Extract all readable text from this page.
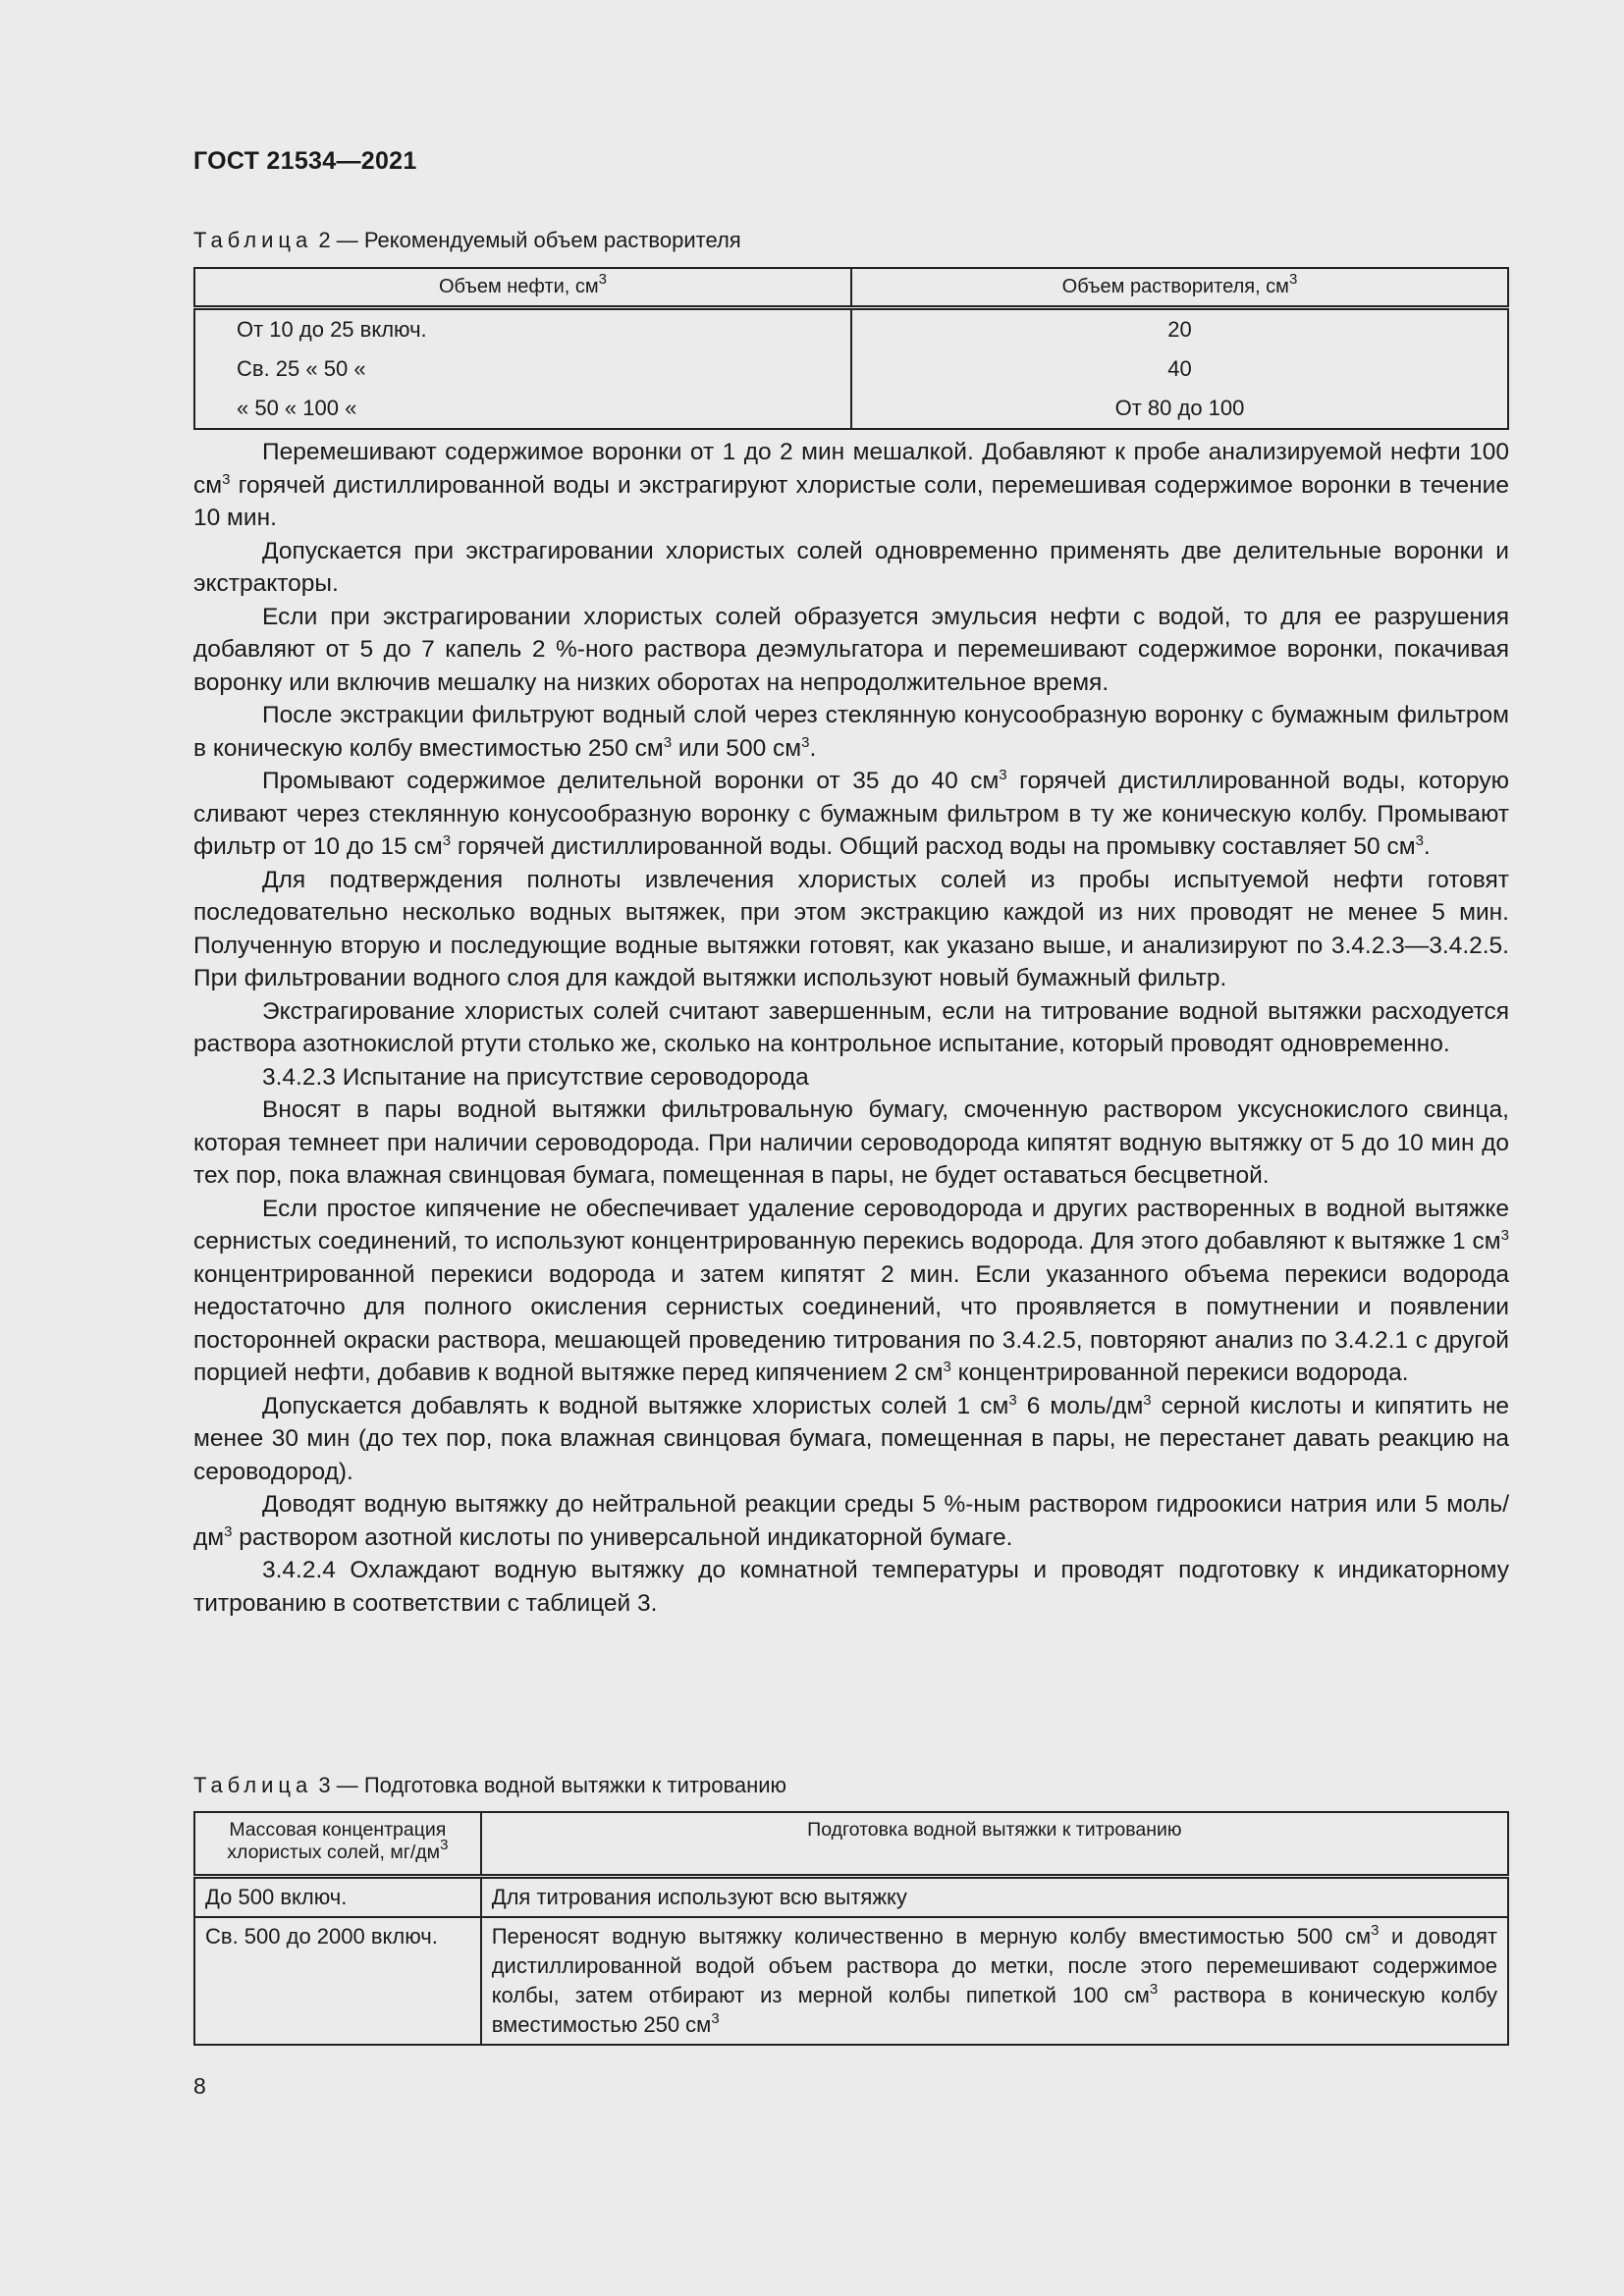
ГОСТ 21534—2021
Таблица 2 — Рекомендуемый объем растворителя
Объем нефти, $см^3$	Объем растворителя, $см^3$
От 10 до 25 включ.	20
Св. 25 « 50 «	40
« 50 « 100 «	От 80 до 100

Перемешивают содержимое воронки от 1 до 2 мин мешалкой. Добавляют к пробе анализируемой нефти 100 $см^3$ горячей дистиллированной воды и экстрагируют хлористые соли, перемешивая содержимое воронки в течение 10 мин.

Допускается при экстрагировании хлористых солей одновременно применять две делительные воронки и экстракторы.

Если при экстрагировании хлористых солей образуется эмульсия нефти с водой, то для ее разрушения добавляют от 5 до 7 капель 2 %-ного раствора деэмульгатора и перемешивают содержимое воронки, покачивая воронку или включив мешалку на низких оборотах на непродолжительное время.

После экстракции фильтруют водный слой через стеклянную конусообразную воронку с бумажным фильтром в коническую колбу вместимостью 250 $см^3$ или 500 $см^3$.

Промывают содержимое делительной воронки от 35 до 40 $см^3$ горячей дистиллированной воды, которую сливают через стеклянную конусообразную воронку с бумажным фильтром в ту же коническую колбу. Промывают фильтр от 10 до 15 $см^3$ горячей дистиллированной воды. Общий расход воды на промывку составляет 50 $см^3$.

Для подтверждения полноты извлечения хлористых солей из пробы испытуемой нефти готовят последовательно несколько водных вытяжек, при этом экстракцию каждой из них проводят не менее 5 мин. Полученную вторую и последующие водные вытяжки готовят, как указано выше, и анализируют по 3.4.2.3—3.4.2.5. При фильтровании водного слоя для каждой вытяжки используют новый бумажный фильтр.

Экстрагирование хлористых солей считают завершенным, если на титрование водной вытяжки расходуется раствора азотнокислой ртути столько же, сколько на контрольное испытание, который проводят одновременно.

3.4.2.3 Испытание на присутствие сероводорода

Вносят в пары водной вытяжки фильтровальную бумагу, смоченную раствором уксуснокислого свинца, которая темнеет при наличии сероводорода. При наличии сероводорода кипятят водную вытяжку от 5 до 10 мин до тех пор, пока влажная свинцовая бумага, помещенная в пары, не будет оставаться бесцветной.

Если простое кипячение не обеспечивает удаление сероводорода и других растворенных в водной вытяжке сернистых соединений, то используют концентрированную перекись водорода. Для этого добавляют к вытяжке 1 $см^3$ концентрированной перекиси водорода и затем кипятят 2 мин. Если указанного объема перекиси водорода недостаточно для полного окисления сернистых соединений, что проявляется в помутнении и появлении посторонней окраски раствора, мешающей проведению титрования по 3.4.2.5, повторяют анализ по 3.4.2.1 с другой порцией нефти, добавив к водной вытяжке перед кипячением 2 $см^3$ концентрированной перекиси водорода.

Допускается добавлять к водной вытяжке хлористых солей 1 $см^3$ 6 моль/$дм^3$ серной кислоты и кипятить не менее 30 мин (до тех пор, пока влажная свинцовая бумага, помещенная в пары, не перестанет давать реакцию на сероводород).

Доводят водную вытяжку до нейтральной реакции среды 5 %-ным раствором гидроокиси натрия или 5 моль/$дм^3$ раствором азотной кислоты по универсальной индикаторной бумаге.

3.4.2.4 Охлаждают водную вытяжку до комнатной температуры и проводят подготовку к индикаторному титрованию в соответствии с таблицей 3.

Таблица 3 — Подготовка водной вытяжки к титрованию
Массовая концентрация хлористых солей, $мг/дм^3$	Подготовка водной вытяжки к титрованию
До 500 включ.	Для титрования используют всю вытяжку
Св. 500 до 2000 включ.	Переносят водную вытяжку количественно в мерную колбу вместимостью 500 $см^3$ и доводят дистиллированной водой объем раствора до метки, после этого перемешивают содержимое колбы, затем отбирают из мерной колбы пипеткой 100 $см^3$ раствора в коническую колбу вместимостью 250 $см^3$
8
